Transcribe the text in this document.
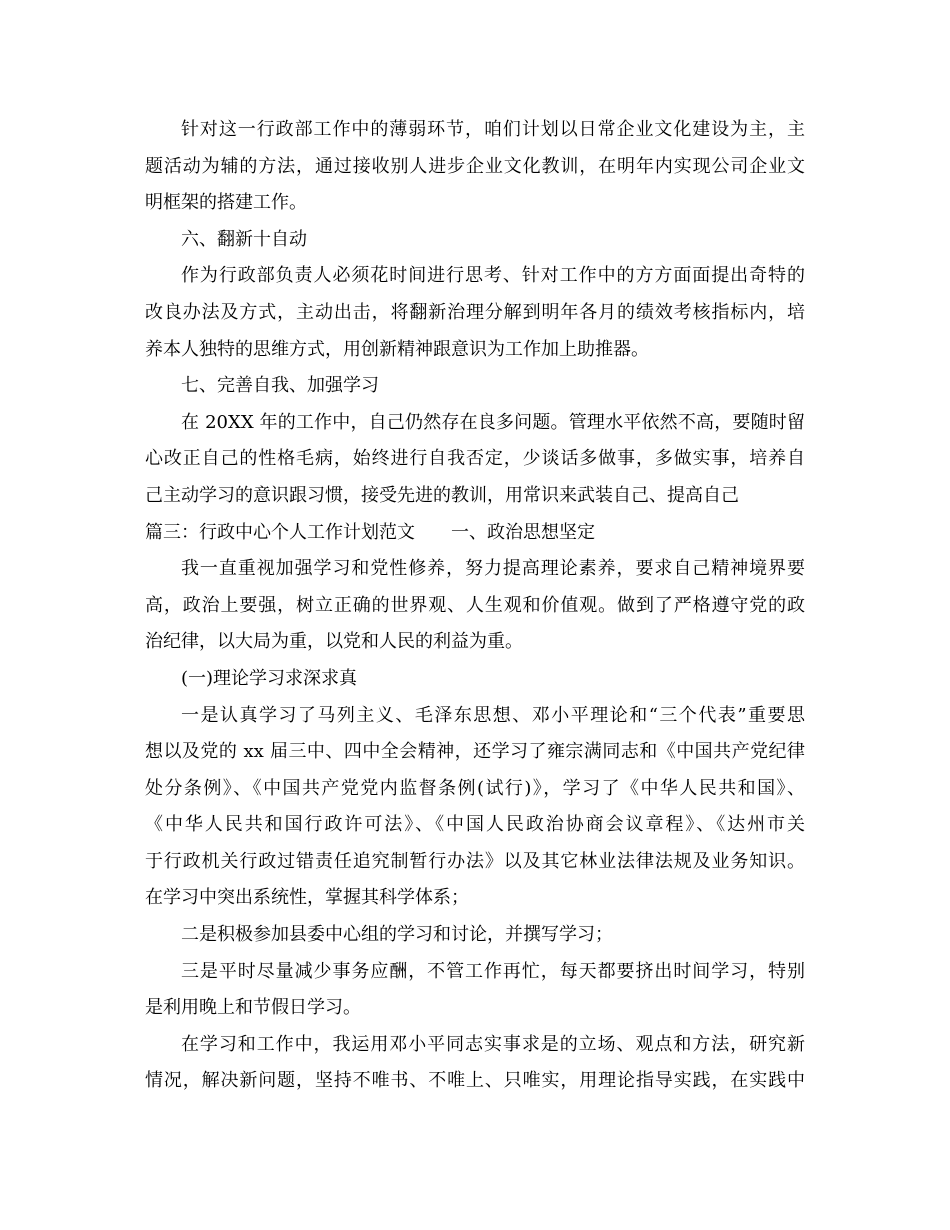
针对这一行政部工作中的薄弱环节，咱们计划以日常企业文化建设为主，主
题活动为辅的方法，通过接收别人进步企业文化教训，在明年内实现公司企业文
明框架的搭建工作。
六、翻新十自动
作为行政部负责人必须花时间进行思考、针对工作中的方方面面提出奇特的
改良办法及方式，主动出击，将翻新治理分解到明年各月的绩效考核指标内，培
养本人独特的思维方式，用创新精神跟意识为工作加上助推器。
七、完善自我、加强学习
在 20XX 年的工作中，自己仍然存在良多问题。管理水平依然不高，要随时留
心改正自己的性格毛病，始终进行自我否定，少谈话多做事，多做实事，培养自
己主动学习的意识跟习惯，接受先进的教训，用常识来武装自己、提高自己
篇三：行政中心个人工作计划范文　　一、政治思想坚定
我一直重视加强学习和党性修养，努力提高理论素养，要求自己精神境界要
高，政治上要强，树立正确的世界观、人生观和价值观。做到了严格遵守党的政
治纪律，以大局为重，以党和人民的利益为重。
(一)理论学习求深求真
一是认真学习了马列主义、毛泽东思想、邓小平理论和“三个代表”重要思
想以及党的 xx 届三中、四中全会精神，还学习了雍宗满同志和《中国共产党纪律
处分条例》、《中国共产党党内监督条例(试行)》，学习了《中华人民共和国》、
《中华人民共和国行政许可法》、《中国人民政治协商会议章程》、《达州市关
于行政机关行政过错责任追究制暂行办法》以及其它林业法律法规及业务知识。
在学习中突出系统性，掌握其科学体系；
二是积极参加县委中心组的学习和讨论，并撰写学习；
三是平时尽量减少事务应酬，不管工作再忙，每天都要挤出时间学习，特别
是利用晚上和节假日学习。
在学习和工作中，我运用邓小平同志实事求是的立场、观点和方法，研究新
情况，解决新问题，坚持不唯书、不唯上、只唯实，用理论指导实践，在实践中
